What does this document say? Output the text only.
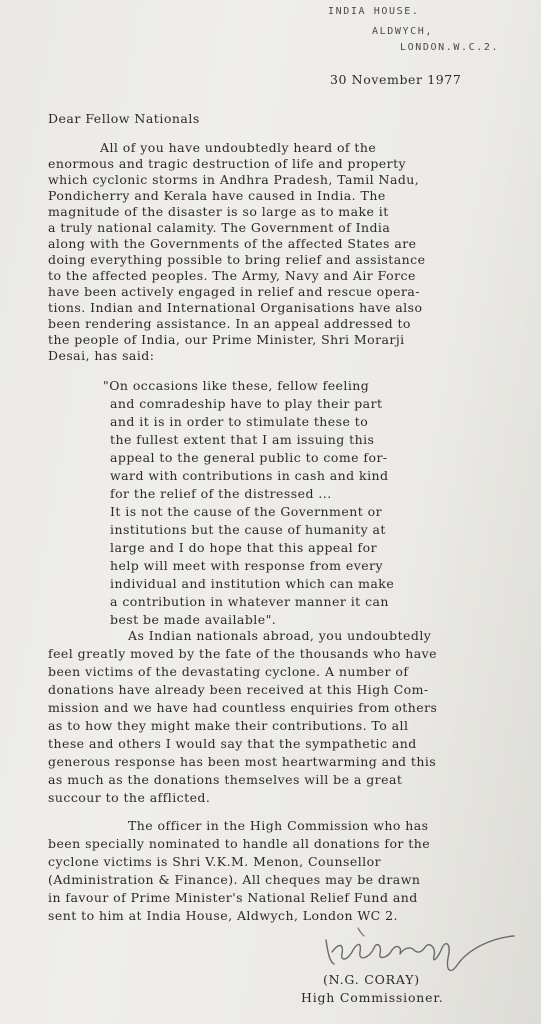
INDIA HOUSE.
ALDWYCH,
LONDON.W.C.2.
30 November 1977
Dear Fellow Nationals
All of you have undoubtedly heard of the
enormous and tragic destruction of life and property
which cyclonic storms in Andhra Pradesh, Tamil Nadu,
Pondicherry and Kerala have caused in India. The
magnitude of the disaster is so large as to make it
a truly national calamity. The Government of India
along with the Governments of the affected States are
doing everything possible to bring relief and assistance
to the affected peoples. The Army, Navy and Air Force
have been actively engaged in relief and rescue opera-
tions. Indian and International Organisations have also
been rendering assistance. In an appeal addressed to
the people of India, our Prime Minister, Shri Morarji
Desai, has said:
"On occasions like these, fellow feeling
and comradeship have to play their part
and it is in order to stimulate these to
the fullest extent that I am issuing this
appeal to the general public to come for-
ward with contributions in cash and kind
for the relief of the distressed ...
It is not the cause of the Government or
institutions but the cause of humanity at
large and I do hope that this appeal for
help will meet with response from every
individual and institution which can make
a contribution in whatever manner it can
best be made available".
As Indian nationals abroad, you undoubtedly
feel greatly moved by the fate of the thousands who have
been victims of the devastating cyclone. A number of
donations have already been received at this High Com-
mission and we have had countless enquiries from others
as to how they might make their contributions. To all
these and others I would say that the sympathetic and
generous response has been most heartwarming and this
as much as the donations themselves will be a great
succour to the afflicted.
The officer in the High Commission who has
been specially nominated to handle all donations for the
cyclone victims is Shri V.K.M. Menon, Counsellor
(Administration & Finance). All cheques may be drawn
in favour of Prime Minister's National Relief Fund and
sent to him at India House, Aldwych, London WC 2.
(N.G. CORAY)
High Commissioner.
